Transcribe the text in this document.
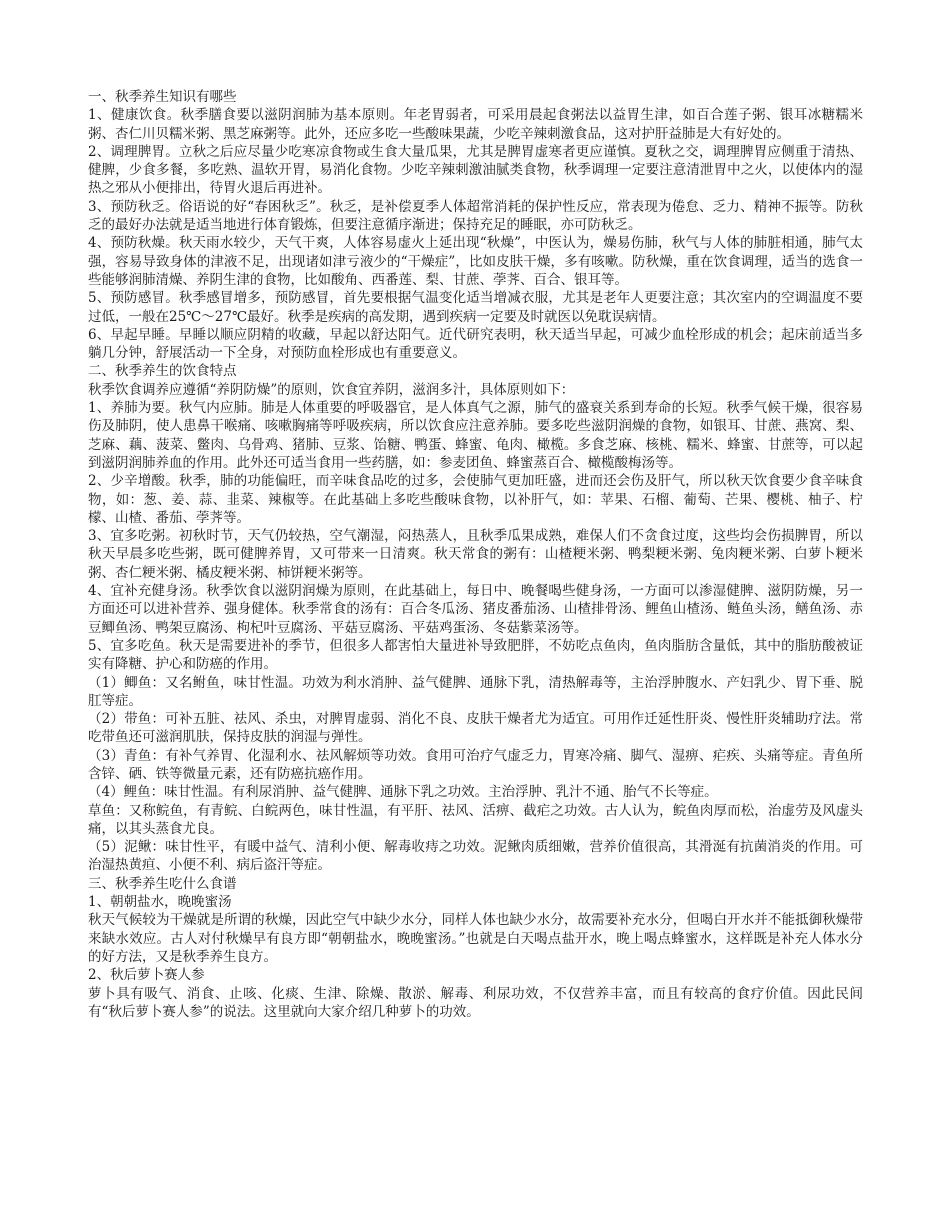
一、秋季养生知识有哪些
1、健康饮食。秋季膳食要以滋阴润肺为基本原则。年老胃弱者，可采用晨起食粥法以益胃生津，如百合莲子粥、银耳冰糖糯米粥、杏仁川贝糯米粥、黑芝麻粥等。此外，还应多吃一些酸味果蔬，少吃辛辣刺激食品，这对护肝益肺是大有好处的。
2、调理脾胃。立秋之后应尽量少吃寒凉食物或生食大量瓜果，尤其是脾胃虚寒者更应谨慎。夏秋之交，调理脾胃应侧重于清热、健脾，少食多餐，多吃熟、温软开胃，易消化食物。少吃辛辣刺激油腻类食物，秋季调理一定要注意清泄胃中之火，以使体内的湿热之邪从小便排出，待胃火退后再进补。
3、预防秋乏。俗语说的好“春困秋乏”。秋乏，是补偿夏季人体超常消耗的保护性反应，常表现为倦怠、乏力、精神不振等。防秋乏的最好办法就是适当地进行体育锻炼，但要注意循序渐进；保持充足的睡眠，亦可防秋乏。
4、预防秋燥。秋天雨水较少，天气干爽，人体容易虚火上延出现“秋燥”，中医认为，燥易伤肺，秋气与人体的肺脏相通，肺气太强，容易导致身体的津液不足，出现诸如津亏液少的“干燥症”，比如皮肤干燥，多有咳嗽。防秋燥，重在饮食调理，适当的选食一些能够润肺清燥、养阴生津的食物，比如酸角、西番莲、梨、甘蔗、荸荠、百合、银耳等。
5、预防感冒。秋季感冒增多，预防感冒，首先要根据气温变化适当增减衣服，尤其是老年人更要注意；其次室内的空调温度不要过低，一般在25℃～27℃最好。秋季是疾病的高发期，遇到疾病一定要及时就医以免耽误病情。
6、早起早睡。早睡以顺应阴精的收藏，早起以舒达阳气。近代研究表明，秋天适当早起，可减少血栓形成的机会；起床前适当多躺几分钟，舒展活动一下全身，对预防血栓形成也有重要意义。
二、秋季养生的饮食特点
秋季饮食调养应遵循“养阴防燥”的原则，饮食宜养阴，滋润多汁，具体原则如下：
1、养肺为要。秋气内应肺。肺是人体重要的呼吸器官，是人体真气之源，肺气的盛衰关系到寿命的长短。秋季气候干燥，很容易伤及肺阴，使人患鼻干喉痛、咳嗽胸痛等呼吸疾病，所以饮食应注意养肺。要多吃些滋阴润燥的食物，如银耳、甘蔗、燕窝、梨、芝麻、藕、菠菜、鳖肉、乌骨鸡、猪肺、豆浆、饴糖、鸭蛋、蜂蜜、龟肉、橄榄。多食芝麻、核桃、糯米、蜂蜜、甘蔗等，可以起到滋阴润肺养血的作用。此外还可适当食用一些药膳，如：参麦团鱼、蜂蜜蒸百合、橄榄酸梅汤等。
2、少辛增酸。秋季，肺的功能偏旺，而辛味食品吃的过多，会使肺气更加旺盛，进而还会伤及肝气，所以秋天饮食要少食辛味食物，如：葱、姜、蒜、韭菜、辣椒等。在此基础上多吃些酸味食物，以补肝气，如：苹果、石榴、葡萄、芒果、樱桃、柚子、柠檬、山楂、番茄、荸荠等。
3、宜多吃粥。初秋时节，天气仍较热，空气潮湿，闷热蒸人，且秋季瓜果成熟，难保人们不贪食过度，这些均会伤损脾胃，所以秋天早晨多吃些粥，既可健脾养胃，又可带来一日清爽。秋天常食的粥有：山楂粳米粥、鸭梨粳米粥、兔肉粳米粥、白萝卜粳米粥、杏仁粳米粥、橘皮粳米粥、柿饼粳米粥等。
4、宜补充健身汤。秋季饮食以滋阴润燥为原则，在此基础上，每日中、晚餐喝些健身汤，一方面可以渗湿健脾、滋阴防燥，另一方面还可以进补营养、强身健体。秋季常食的汤有：百合冬瓜汤、猪皮番茄汤、山楂排骨汤、鲤鱼山楂汤、鲢鱼头汤，鳝鱼汤、赤豆鲫鱼汤、鸭架豆腐汤、枸杞叶豆腐汤、平菇豆腐汤、平菇鸡蛋汤、冬菇紫菜汤等。
5、宜多吃鱼。秋天是需要进补的季节，但很多人都害怕大量进补导致肥胖，不妨吃点鱼肉，鱼肉脂肪含量低，其中的脂肪酸被证实有降糖、护心和防癌的作用。
（1）鲫鱼：又名鲋鱼，味甘性温。功效为利水消肿、益气健脾、通脉下乳，清热解毒等，主治浮肿腹水、产妇乳少、胃下垂、脱肛等症。
（2）带鱼：可补五脏、祛风、杀虫，对脾胃虚弱、消化不良、皮肤干燥者尤为适宜。可用作迁延性肝炎、慢性肝炎辅助疗法。常吃带鱼还可滋润肌肤，保持皮肤的润湿与弹性。
（3）青鱼：有补气养胃、化湿利水、祛风解烦等功效。食用可治疗气虚乏力，胃寒冷痛、脚气、湿痹、疟疾、头痛等症。青鱼所含锌、硒、铁等微量元素，还有防癌抗癌作用。
（4）鲤鱼：味甘性温。有利尿消肿、益气健脾、通脉下乳之功效。主治浮肿、乳汁不通、胎气不长等症。
草鱼：又称鲩鱼，有青鲩、白鲩两色，味甘性温，有平肝、祛风、活痹、截疟之功效。古人认为，鲩鱼肉厚而松，治虚劳及风虚头痛，以其头蒸食尤良。
（5）泥鳅：味甘性平，有暖中益气、清利小便、解毒收痔之功效。泥鳅肉质细嫩，营养价值很高，其滑涎有抗菌消炎的作用。可治湿热黄疸、小便不利、病后盗汗等症。
三、秋季养生吃什么食谱
1、朝朝盐水，晚晚蜜汤
秋天气候较为干燥就是所谓的秋燥，因此空气中缺少水分，同样人体也缺少水分，故需要补充水分，但喝白开水并不能抵御秋燥带来缺水效应。古人对付秋燥早有良方即“朝朝盐水，晚晚蜜汤。”也就是白天喝点盐开水，晚上喝点蜂蜜水，这样既是补充人体水分的好方法，又是秋季养生良方。
2、秋后萝卜赛人参
萝卜具有吸气、消食、止咳、化痰、生津、除燥、散淤、解毒、利尿功效，不仅营养丰富，而且有较高的食疗价值。因此民间有“秋后萝卜赛人参”的说法。这里就向大家介绍几种萝卜的功效。
